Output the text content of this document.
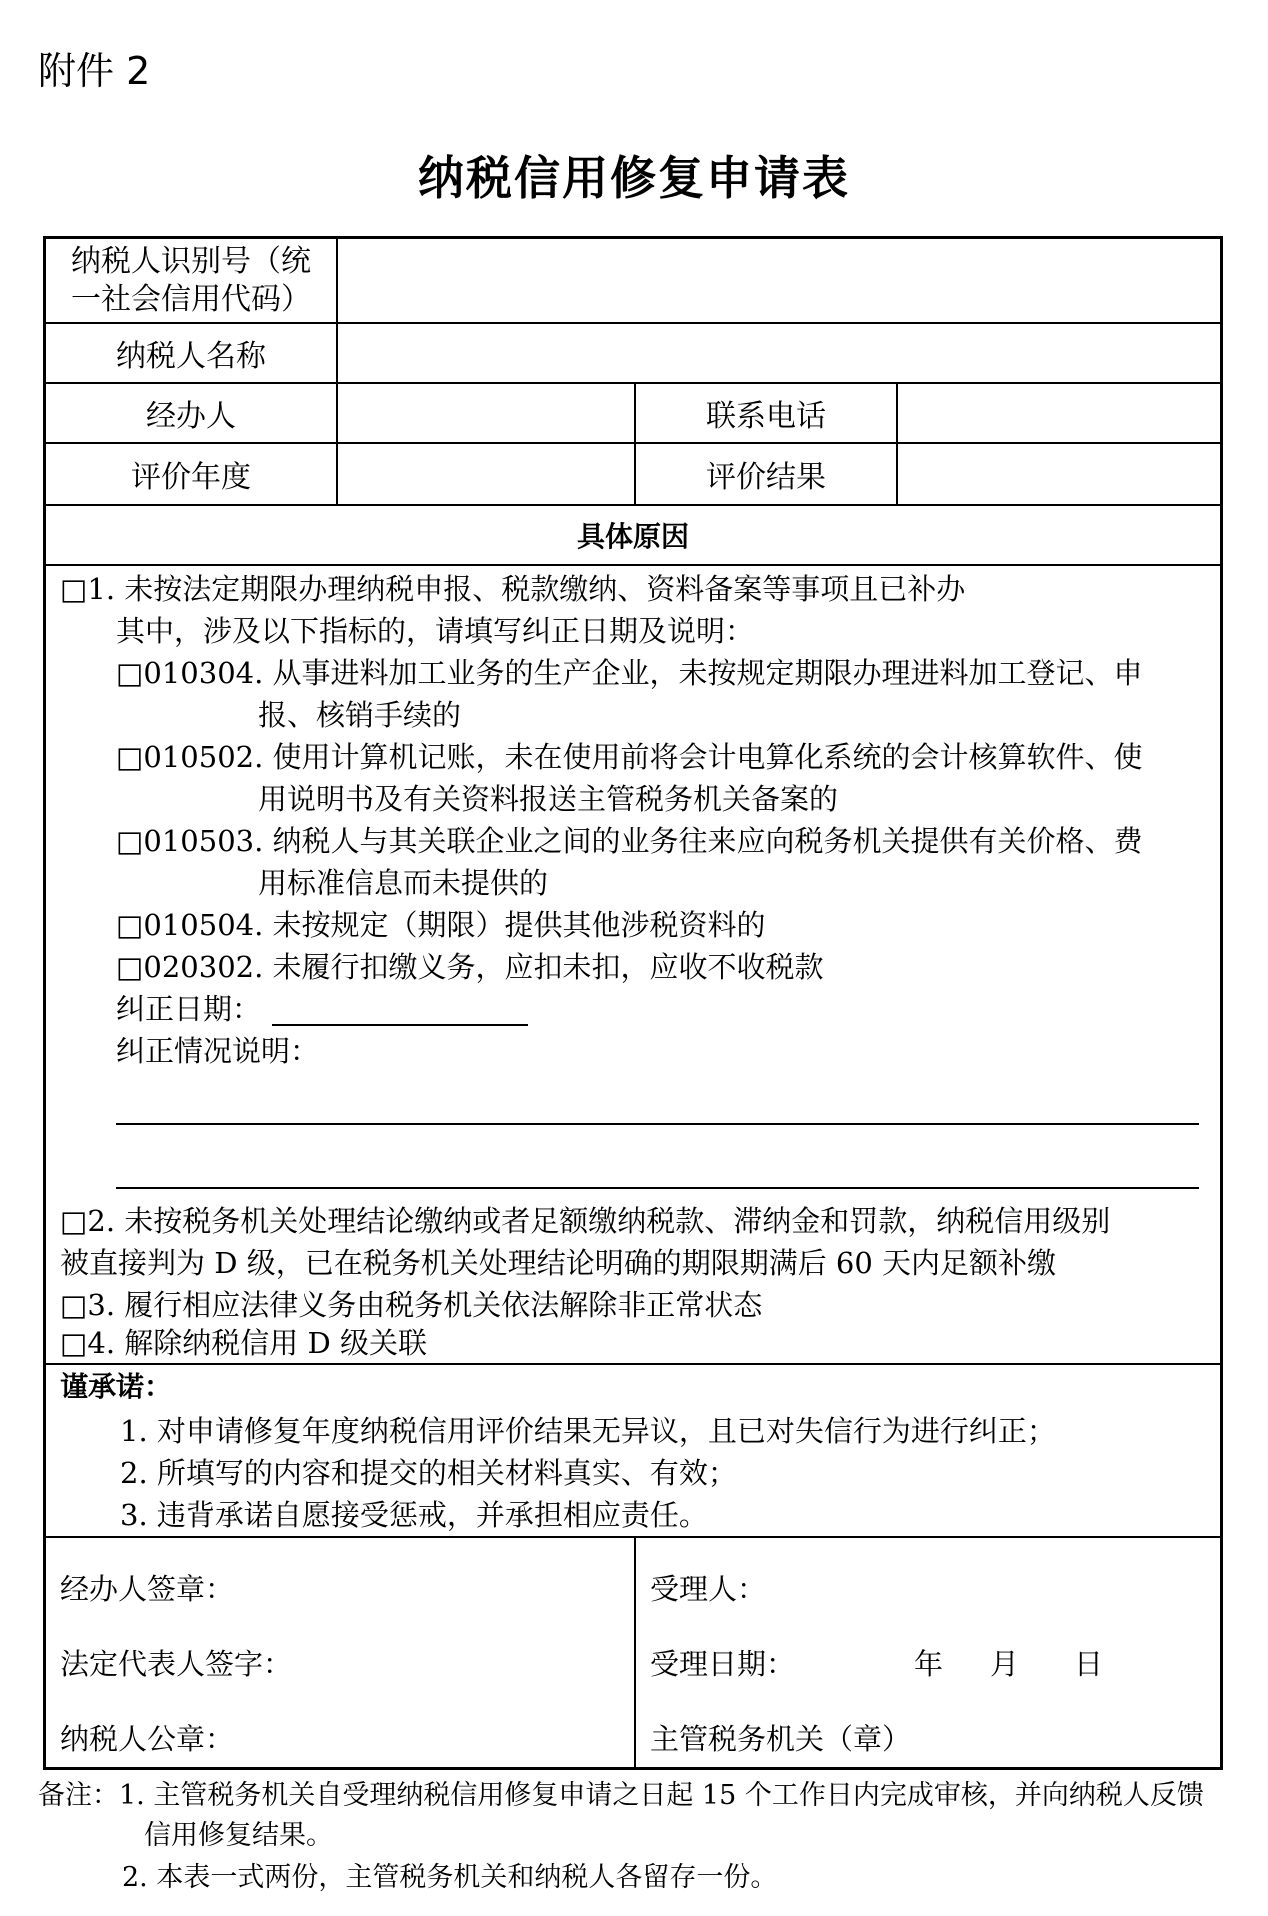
附件 2
纳税信用修复申请表
纳税人识别号（统
一社会信用代码）
纳税人名称
经办人	联系电话
评价年度	评价结果
具体原因
□1. 未按法定期限办理纳税申报、税款缴纳、资料备案等事项且已补办
其中，涉及以下指标的，请填写纠正日期及说明：
□010304. 从事进料加工业务的生产企业，未按规定期限办理进料加工登记、申
报、核销手续的
□010502. 使用计算机记账，未在使用前将会计电算化系统的会计核算软件、使
用说明书及有关资料报送主管税务机关备案的
□010503. 纳税人与其关联企业之间的业务往来应向税务机关提供有关价格、费
用标准信息而未提供的
□010504. 未按规定（期限）提供其他涉税资料的
□020302. 未履行扣缴义务，应扣未扣，应收不收税款
纠正日期：
纠正情况说明：
□2. 未按税务机关处理结论缴纳或者足额缴纳税款、滞纳金和罚款，纳税信用级别
被直接判为 D 级，已在税务机关处理结论明确的期限期满后 60 天内足额补缴
□3. 履行相应法律义务由税务机关依法解除非正常状态
□4. 解除纳税信用 D 级关联
谨承诺：
1. 对申请修复年度纳税信用评价结果无异议，且已对失信行为进行纠正；
2. 所填写的内容和提交的相关材料真实、有效；
3. 违背承诺自愿接受惩戒，并承担相应责任。
经办人签章：
法定代表人签字：
纳税人公章：
受理人：
受理日期：	年 月 日
主管税务机关（章）
备注：1. 主管税务机关自受理纳税信用修复申请之日起 15 个工作日内完成审核，并向纳税人反馈
信用修复结果。
2. 本表一式两份，主管税务机关和纳税人各留存一份。
